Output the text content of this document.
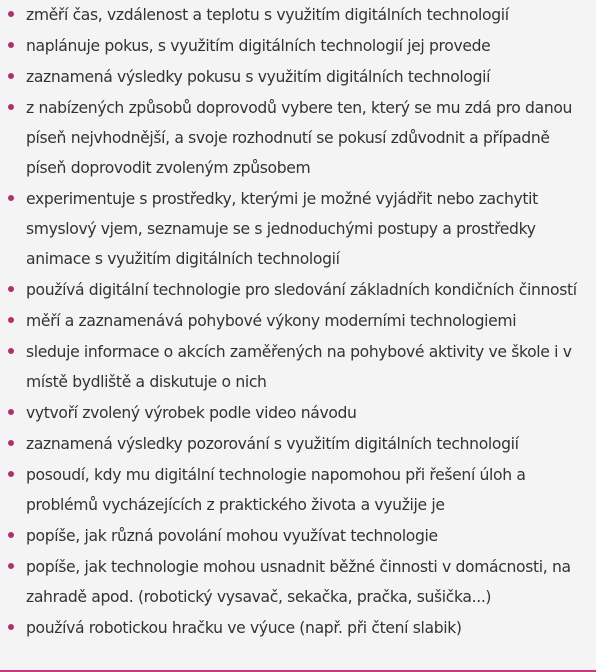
změří čas, vzdálenost a teplotu s využitím digitálních technologií
naplánuje pokus, s využitím digitálních technologií jej provede
zaznamená výsledky pokusu s využitím digitálních technologií
z nabízených způsobů doprovodů vybere ten, který se mu zdá pro danou píseň nejvhodnější, a svoje rozhodnutí se pokusí zdůvodnit a případně píseň doprovodit zvoleným způsobem
experimentuje s prostředky, kterými je možné vyjádřit nebo zachytit smyslový vjem, seznamuje se s jednoduchými postupy a prostředky animace s využitím digitálních technologií
používá digitální technologie pro sledování základních kondičních činností
měří a zaznamenává pohybové výkony moderními technologiemi
sleduje informace o akcích zaměřených na pohybové aktivity ve škole i v místě bydliště a diskutuje o nich
vytvoří zvolený výrobek podle video návodu
zaznamená výsledky pozorování s využitím digitálních technologií
posoudí, kdy mu digitální technologie napomohou při řešení úloh a problémů vycházejících z praktického života a využije je
popíše, jak různá povolání mohou využívat technologie
popíše, jak technologie mohou usnadnit běžné činnosti v domácnosti, na zahradě apod. (robotický vysavač, sekačka, pračka, sušička...)
používá robotickou hračku ve výuce (např. při čtení slabik)
